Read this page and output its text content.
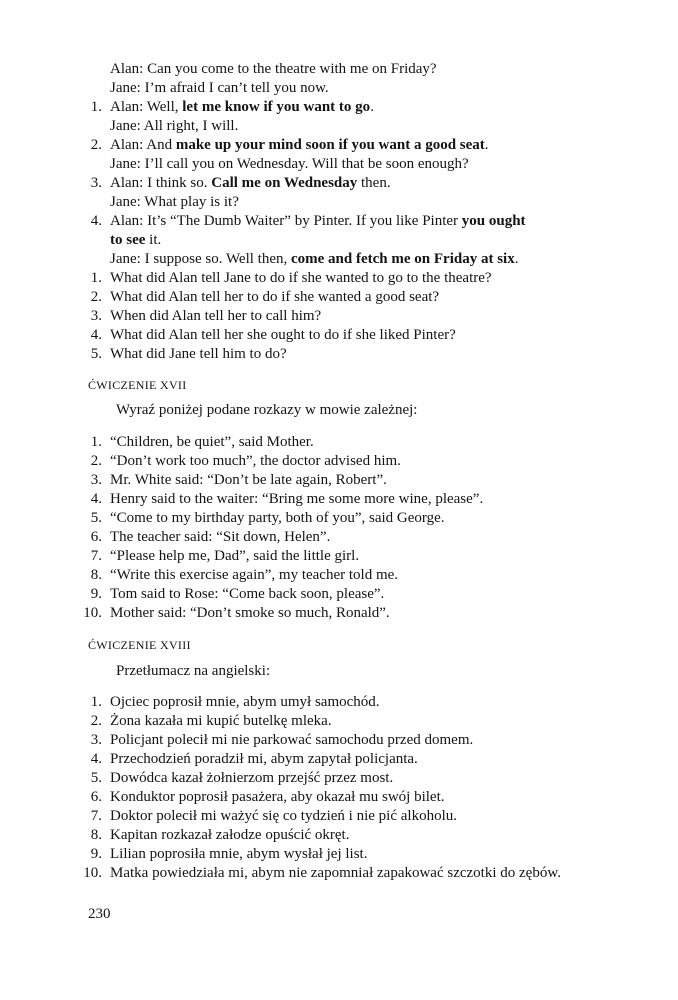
Alan: Can you come to the theatre with me on Friday?
Jane: I’m afraid I can’t tell you now.
1. Alan: Well, let me know if you want to go.
Jane: All right, I will.
2. Alan: And make up your mind soon if you want a good seat.
Jane: I’ll call you on Wednesday. Will that be soon enough?
3. Alan: I think so. Call me on Wednesday then.
Jane: What play is it?
4. Alan: It’s “The Dumb Waiter” by Pinter. If you like Pinter you ought
to see it.
Jane: I suppose so. Well then, come and fetch me on Friday at six.
1. What did Alan tell Jane to do if she wanted to go to the theatre?
2. What did Alan tell her to do if she wanted a good seat?
3. When did Alan tell her to call him?
4. What did Alan tell her she ought to do if she liked Pinter?
5. What did Jane tell him to do?
ĆWICZENIE XVII
Wyraź poniżej podane rozkazy w mowie zależnej:
1. “Children, be quiet”, said Mother.
2. “Don’t work too much”, the doctor advised him.
3. Mr. White said: “Don’t be late again, Robert”.
4. Henry said to the waiter: “Bring me some more wine, please”.
5. “Come to my birthday party, both of you”, said George.
6. The teacher said: “Sit down, Helen”.
7. “Please help me, Dad”, said the little girl.
8. “Write this exercise again”, my teacher told me.
9. Tom said to Rose: “Come back soon, please”.
10. Mother said: “Don’t smoke so much, Ronald”.
ĆWICZENIE XVIII
Przetłumacz na angielski:
1. Ojciec poprosił mnie, abym umył samochód.
2. Żona kazała mi kupić butelkę mleka.
3. Policjant polecił mi nie parkować samochodu przed domem.
4. Przechodzień poradził mi, abym zapytał policjanta.
5. Dowódca kazał żołnierzom przejść przez most.
6. Konduktor poprosił pasażera, aby okazał mu swój bilet.
7. Doktor polecił mi ważyć się co tydzień i nie pić alkoholu.
8. Kapitan rozkazał załodze opuścić okręt.
9. Lilian poprosiła mnie, abym wysłał jej list.
10. Matka powiedziała mi, abym nie zapomniał zapakować szczotki do zębów.
230
